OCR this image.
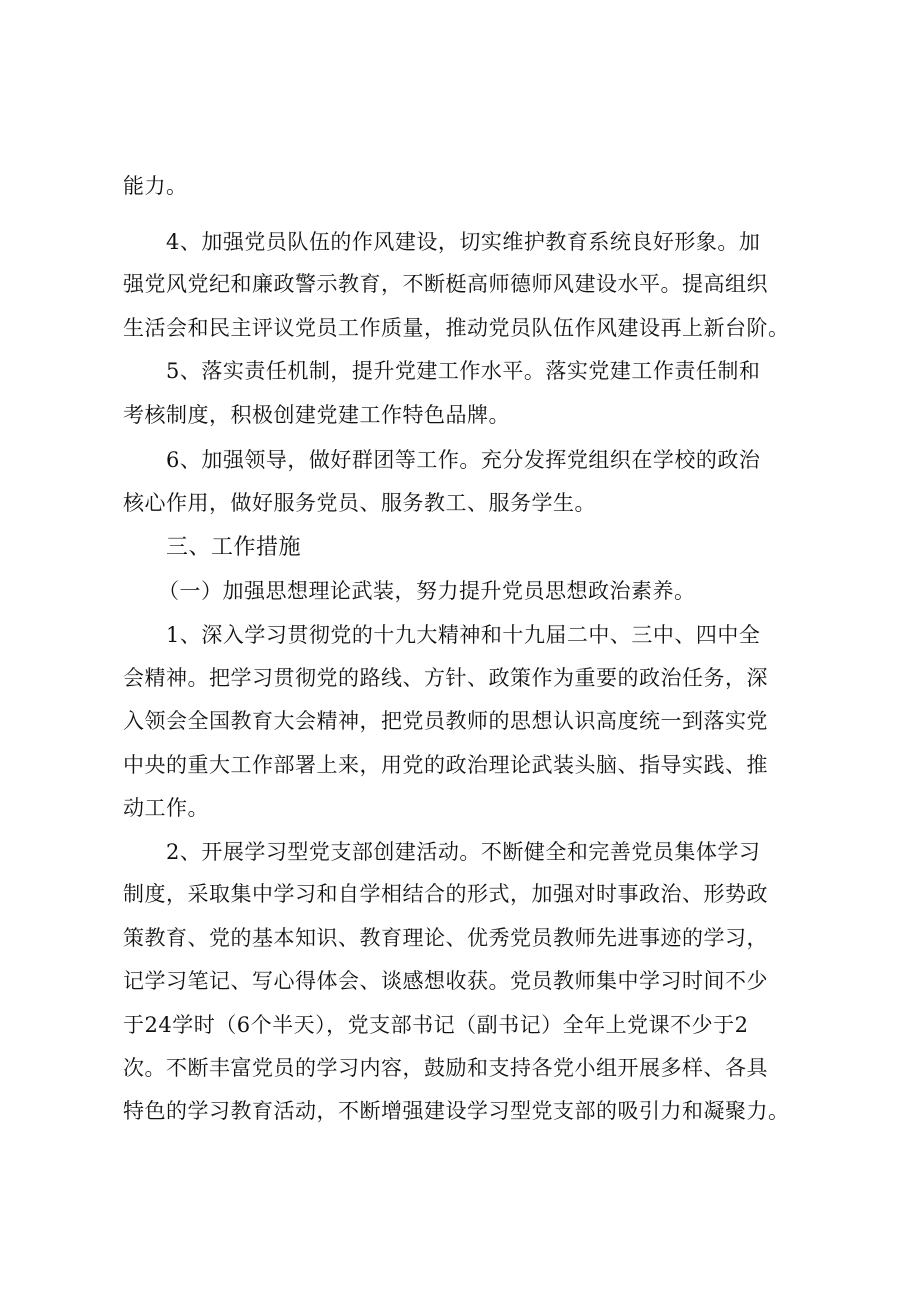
能力。
4、加强党员队伍的作风建设，切实维护教育系统良好形象。加
强党风党纪和廉政警示教育，不断梃高师德师风建设水平。提高组织
生活会和民主评议党员工作质量，推动党员队伍作风建设再上新台阶。
5、落实责任机制，提升党建工作水平。落实党建工作责任制和
考核制度，积极创建党建工作特色品牌。
6、加强领导，做好群团等工作。充分发挥党组织在学校的政治
核心作用，做好服务党员、服务教工、服务学生。
三、工作措施
（一）加强思想理论武装，努力提升党员思想政治素养。
1、深入学习贯彻党的十九大精神和十九届二中、三中、四中全
会精神。把学习贯彻党的路线、方针、政策作为重要的政治任务，深
入领会全国教育大会精神，把党员教师的思想认识高度统一到落实党
中央的重大工作部署上来，用党的政治理论武装头脑、指导实践、推
动工作。
2、开展学习型党支部创建活动。不断健全和完善党员集体学习
制度，采取集中学习和自学相结合的形式，加强对时事政治、形势政
策教育、党的基本知识、教育理论、优秀党员教师先进事迹的学习，
记学习笔记、写心得体会、谈感想收获。党员教师集中学习时间不少
于24学时（6个半天），党支部书记（副书记）全年上党课不少于2
次。不断丰富党员的学习内容，鼓励和支持各党小组开展多样、各具
特色的学习教育活动，不断增强建设学习型党支部的吸引力和凝聚力。
